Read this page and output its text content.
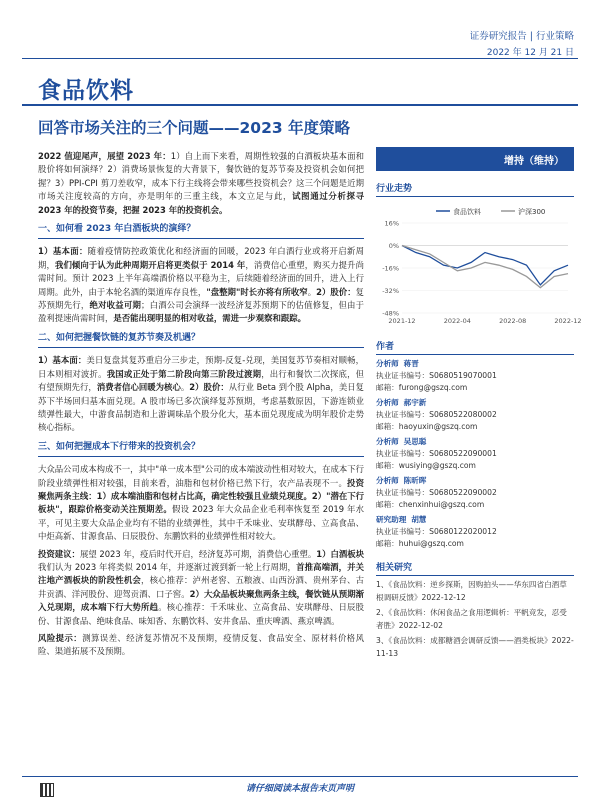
证券研究报告 | 行业策略
2022 年 12 月 21 日
食品饮料
回答市场关注的三个问题——2023 年度策略

2022 值迎尾声，展望 2023 年：1）自上而下来看，周期性较强的白酒板块基本面和股价将如何演绎？2）消费场景恢复的大背景下，餐饮链的复苏节奏及投资机会如何把握？3）PPI-CPI 剪刀差收窄，成本下行主线将会带来哪些投资机会？这三个问题是近期市场关注度较高的方向，亦是明年的三重主线，本文立足与此，试图通过分析探寻 2023 年的投资节奏，把握 2023 年的投资机会。

一、如何看 2023 年白酒板块的演绎？

1）基本面：随着疫情防控政策优化和经济面的回暖，2023 年白酒行业或将开启新周期，我们倾向于认为此种周期开启将更类似于 2014 年，消费信心重塑，购买力提升尚需时间。预计 2023 上半年高端酒价格以平稳为主，后续随着经济面的回升，进入上行周期。此外，由于本轮名酒的渠道库存良性，"盘整期"时长亦将有所收窄。2）股价：复苏预期先行，绝对收益可期；白酒公司会演绎一波经济复苏预期下的估值修复，但由于盈利提速尚需时间，是否能出现明显的相对收益，需进一步观察和跟踪。

二、如何把握餐饮链的复苏节奏及机遇？

1）基本面：美日复盘其复苏重启分三步走，预期-反复-兑现，美国复苏节奏相对顺畅，日本则相对波折。我国或正处于第二阶段向第三阶段过渡期，出行和餐饮二次探底，但有望预期先行，消费者信心回暖为核心。2）股价：从行业 Beta 到个股 Alpha，美日复苏下半场回归基本面兑现。A 股市场已多次演绎复苏预期，考虑基数原因，下游连锁业绩弹性最大，中游食品制造和上游调味品个股分化大，基本面兑现度成为明年股价走势核心指标。

三、如何把握成本下行带来的投资机会？

大众品公司成本构成不一，其中"单一成本型"公司的成本端波动性相对较大，在成本下行阶段业绩弹性相对较强，目前来看，油脂和包材价格已然下行，农产品表现不一。投资聚焦两条主线：1）成本端油脂和包材占比高，确定性较强且业绩兑现度。2）"潜在下行板块"，跟踪价格变动关注预期差。假设 2023 年大众品企业毛利率恢复至 2019 年水平，可见主要大众品企业均有不错的业绩弹性，其中千禾味业、安琪酵母、立高食品、中炬高新、甘源食品、日辰股份、东鹏饮料的业绩弹性相对较大。

投资建议：展望 2023 年，疫后时代开启，经济复苏可期，消费信心重塑。1）白酒板块我们认为 2023 年将类似 2014 年，并逐渐过渡到新一轮上行周期，首推高端酒，并关注地产酒板块的阶段性机会，核心推荐：泸州老窖、五粮液、山西汾酒、贵州茅台、古井贡酒、洋河股份、迎驾贡酒、口子窖。2）大众品板块聚焦两条主线，餐饮链从预期渐入兑现期，成本端下行大势所趋。核心推荐：千禾味业、立高食品、安琪酵母、日辰股份、甘源食品、绝味食品、味知香、东鹏饮料、安井食品、重庆啤酒、燕京啤酒。

风险提示：测算误差、经济复苏情况不及预期，疫情反复、食品安全、原材料价格风险、渠道拓展不及预期。

增持（维持）
行业走势
食品饮料	沪深300
16%
0%
-16%
-32%
-48%
2021-12	2022-04	2022-08	2022-12
作者
分析师 蒋晋
执业证书编号：S0680519070001
邮箱：furong@gszq.com
分析师 郝宇新
执业证书编号：S0680522080002
邮箱：haoyuxin@gszq.com
分析师 吴思聪
执业证书编号：S0680522090001
邮箱：wusiying@gszq.com
分析师 陈昕晖
执业证书编号：S0680522090002
邮箱：chenxinhui@gszq.com
研究助理 胡慧
执业证书编号：S0680122020012
邮箱：huhui@gszq.com
相关研究
1、《食品饮料：逆乡探斯，因购拍头——华东四省白酒草根调研反馈》2022-12-12
2、《食品饮料：休闲食品之食用逻辑析：平帆竞发，忍受者胜》2022-12-02
3、《食品饮料：成都糖酒会调研反馈——酒类板块》2022-11-13
请仔细阅读本报告末页声明
